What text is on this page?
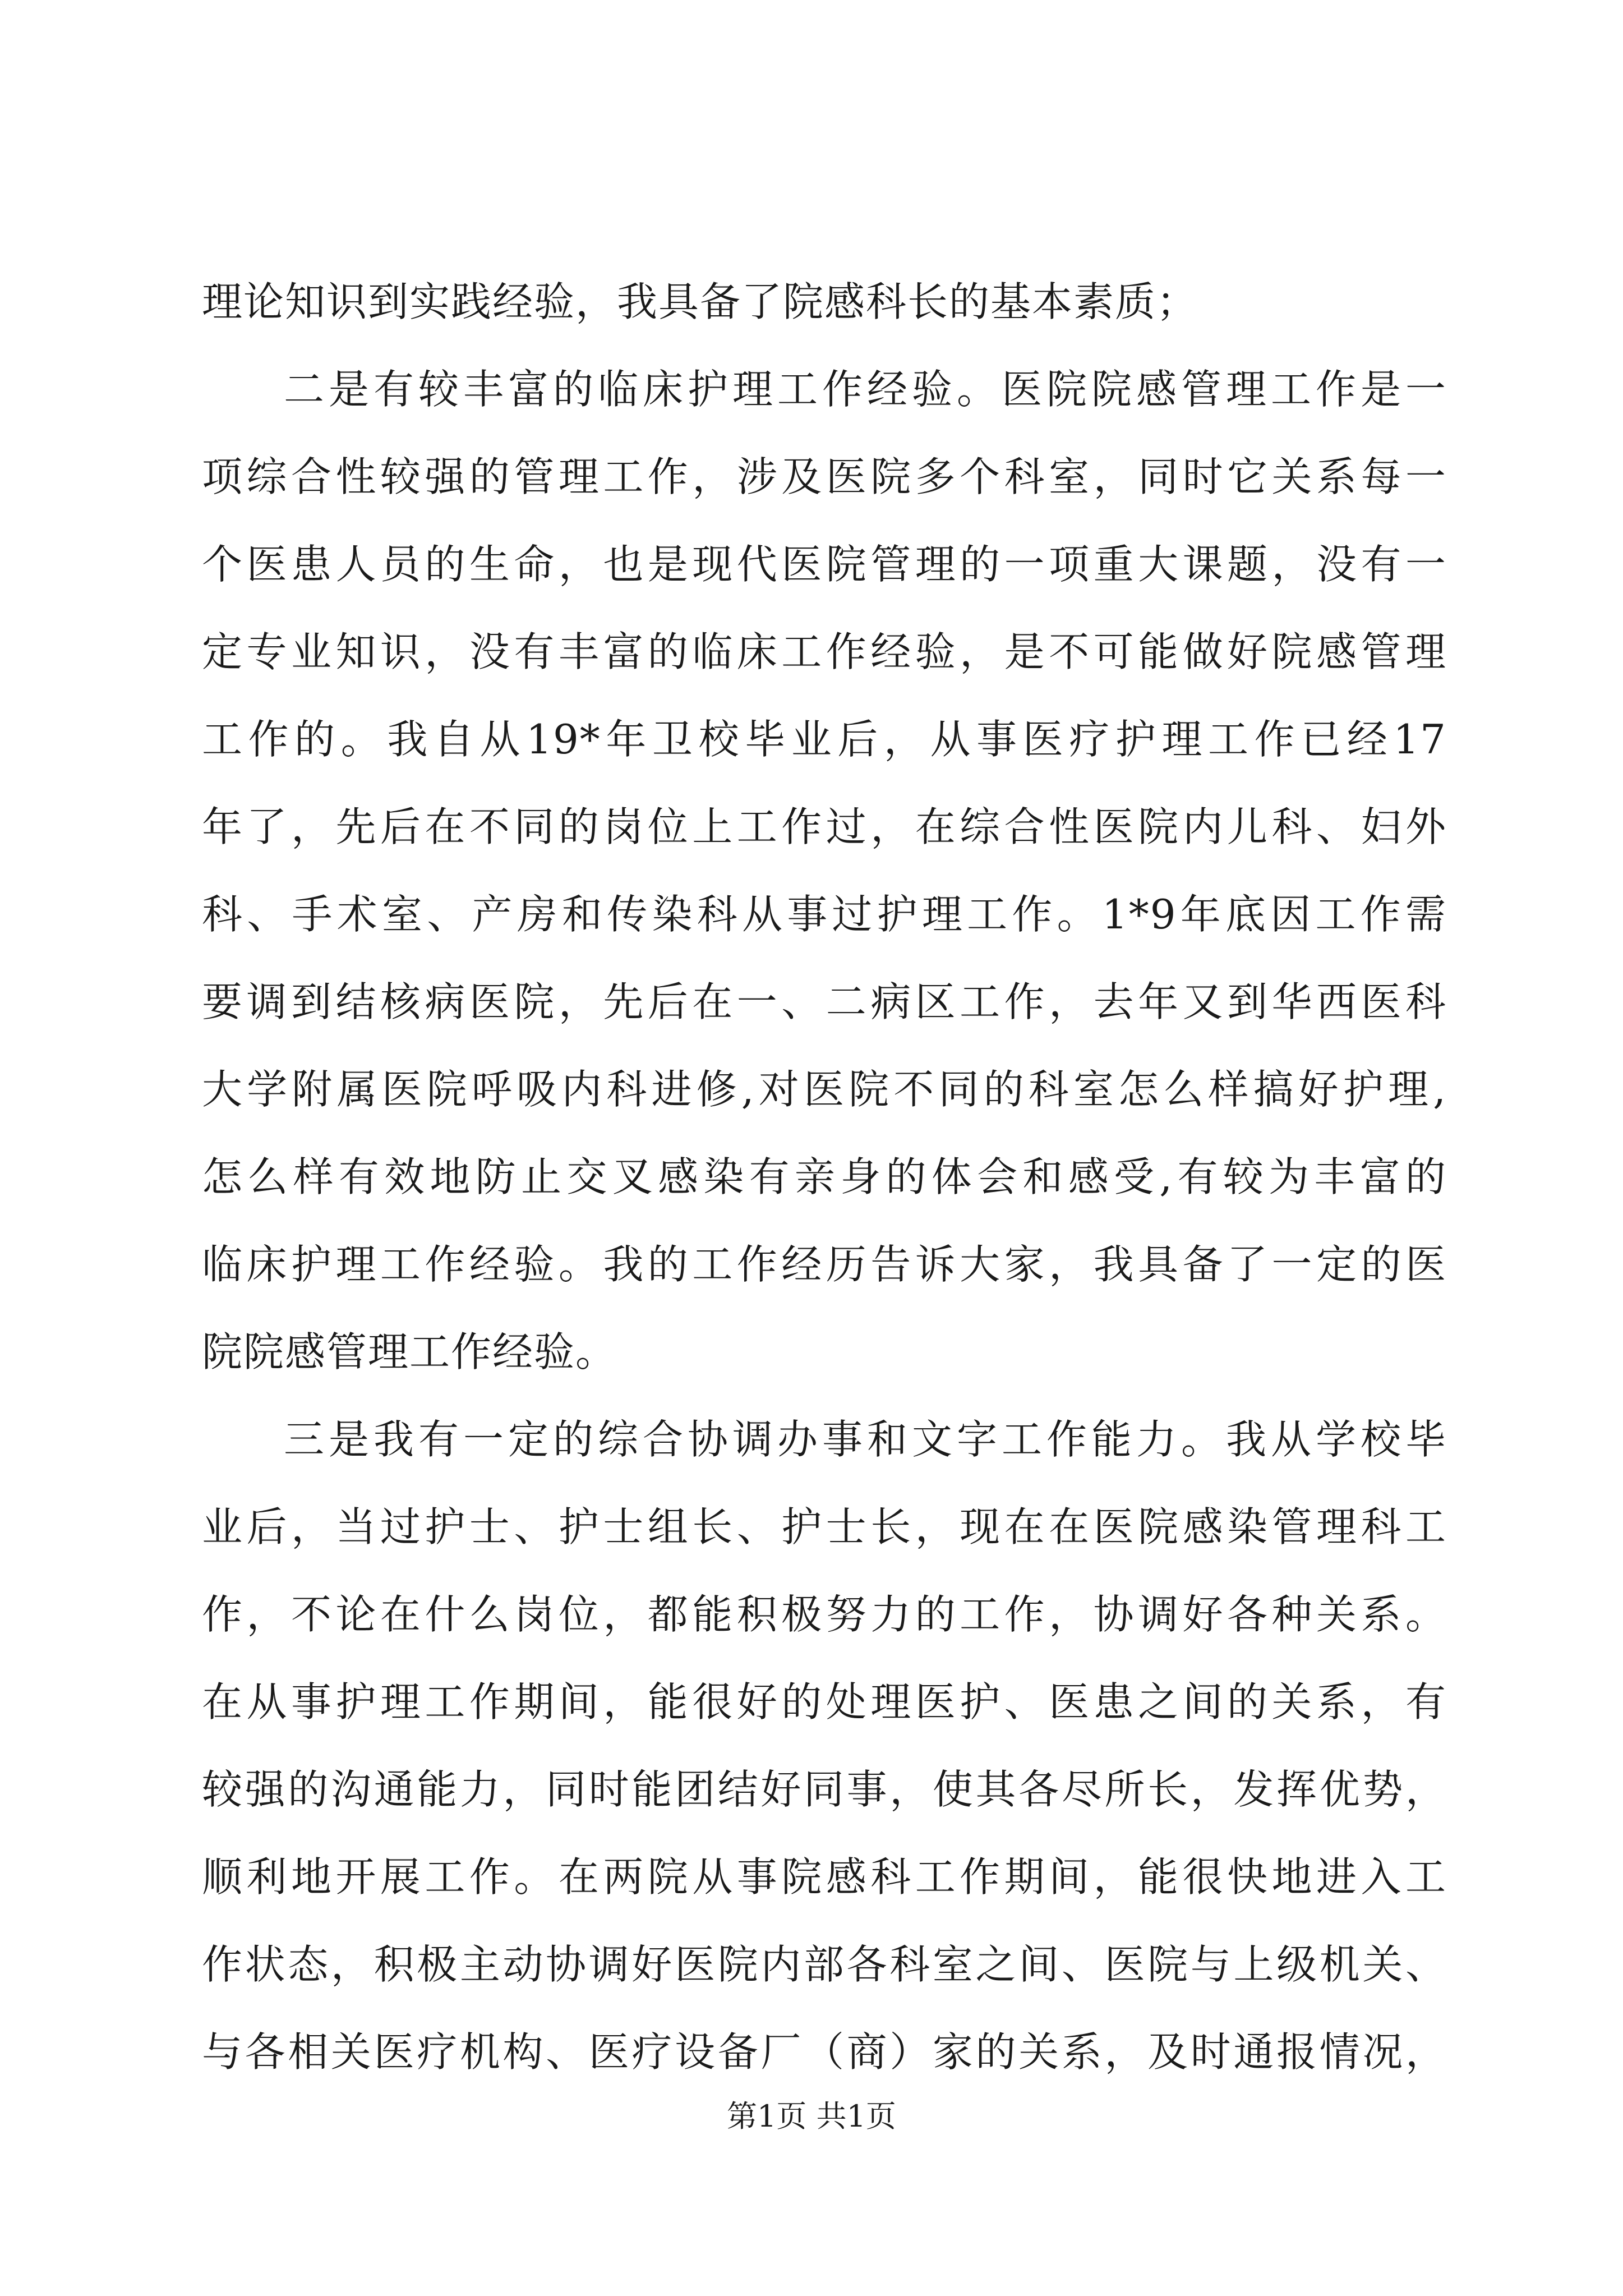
理论知识到实践经验，我具备了院感科长的基本素质；
二是有较丰富的临床护理工作经验。医院院感管理工作是一
项综合性较强的管理工作，涉及医院多个科室，同时它关系每一
个医患人员的生命，也是现代医院管理的一项重大课题，没有一
定专业知识，没有丰富的临床工作经验，是不可能做好院感管理
工作的。我自从19*年卫校毕业后，从事医疗护理工作已经17
年了，先后在不同的岗位上工作过，在综合性医院内儿科、妇外
科、手术室、产房和传染科从事过护理工作。1*9年底因工作需
要调到结核病医院，先后在一、二病区工作，去年又到华西医科
大学附属医院呼吸内科进修,对医院不同的科室怎么样搞好护理,
怎么样有效地防止交叉感染有亲身的体会和感受,有较为丰富的
临床护理工作经验。我的工作经历告诉大家，我具备了一定的医
院院感管理工作经验。
三是我有一定的综合协调办事和文字工作能力。我从学校毕
业后，当过护士、护士组长、护士长，现在在医院感染管理科工
作，不论在什么岗位，都能积极努力的工作，协调好各种关系。
在从事护理工作期间，能很好的处理医护、医患之间的关系，有
较强的沟通能力，同时能团结好同事，使其各尽所长，发挥优势，
顺利地开展工作。在两院从事院感科工作期间，能很快地进入工
作状态，积极主动协调好医院内部各科室之间、医院与上级机关、
与各相关医疗机构、医疗设备厂（商）家的关系，及时通报情况，
第1页 共1页
